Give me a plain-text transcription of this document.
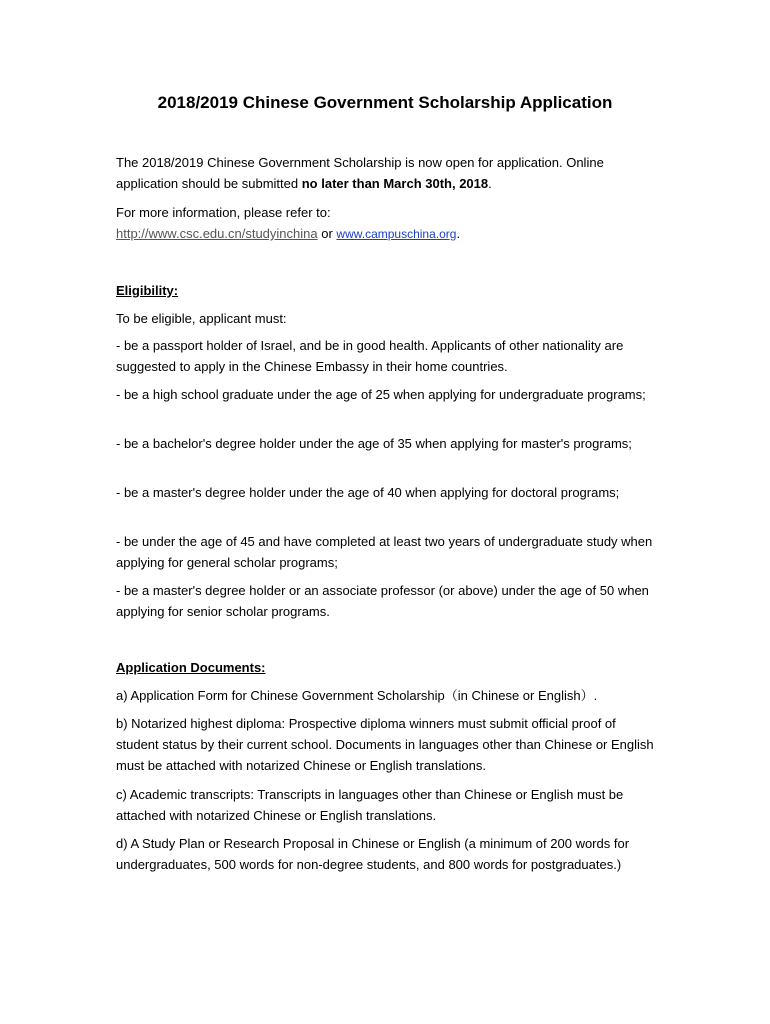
2018/2019 Chinese Government Scholarship Application

The 2018/2019 Chinese Government Scholarship is now open for application. Online application should be submitted no later than March 30th, 2018.

For more information, please refer to:

http://www.csc.edu.cn/studyinchina or www.campuschina.org.

Eligibility:

To be eligible, applicant must:

- be a passport holder of Israel, and be in good health. Applicants of other nationality are suggested to apply in the Chinese Embassy in their home countries.

- be a high school graduate under the age of 25 when applying for undergraduate programs;

- be a bachelor's degree holder under the age of 35 when applying for master's programs;

- be a master's degree holder under the age of 40 when applying for doctoral programs;

- be under the age of 45 and have completed at least two years of undergraduate study when applying for general scholar programs;

- be a master's degree holder or an associate professor (or above) under the age of 50 when applying for senior scholar programs.

Application Documents:

a) Application Form for Chinese Government Scholarship（in Chinese or English）.

b) Notarized highest diploma: Prospective diploma winners must submit official proof of student status by their current school. Documents in languages other than Chinese or English must be attached with notarized Chinese or English translations.

c) Academic transcripts: Transcripts in languages other than Chinese or English must be attached with notarized Chinese or English translations.

d) A Study Plan or Research Proposal in Chinese or English (a minimum of 200 words for undergraduates, 500 words for non-degree students, and 800 words for postgraduates.)
